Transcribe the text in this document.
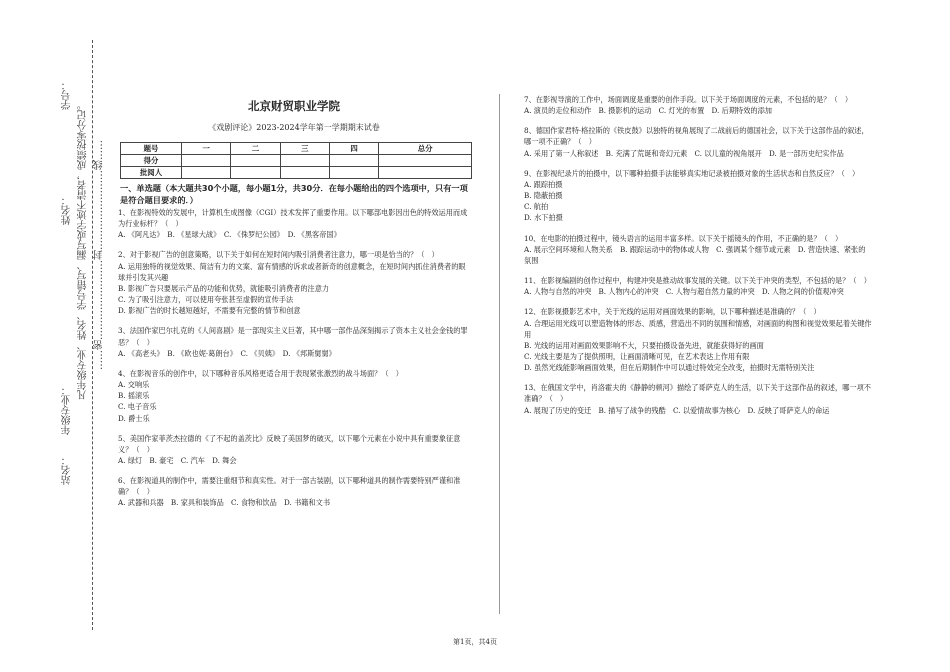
学号：
姓名：
年级专业：
站名：
凡年级专业、姓名、学号错写、漏写或字迹不清者，成绩按零分记。 ……密……………………封……………………线……
北京财贸职业学院
《戏剧评论》2023-2024学年第一学期期末试卷
题号	一	二	三	四	总分
得分					
批阅人					
一、单选题（本大题共30个小题，每小题1分，共30分．在每小题给出的四个选项中，只有一项是符合题目要求的．）

1、在影视特效的发展中，计算机生成图像（CGI）技术发挥了重要作用。以下哪部电影因出色的特效运用而成为行业标杆？（　）

A. 《阿凡达》　B. 《星球大战》　C. 《侏罗纪公园》　D. 《黑客帝国》

2、对于影视广告的创意策略，以下关于如何在短时间内吸引消费者注意力，哪一项是恰当的？（　）

A. 运用独特的视觉效果、简洁有力的文案、富有情感的诉求或者新奇的创意概念，在短时间内抓住消费者的眼球并引发其兴趣

B. 影视广告只要展示产品的功能和优势，就能吸引消费者的注意力

C. 为了吸引注意力，可以使用夸张甚至虚假的宣传手法

D. 影视广告的时长越短越好，不需要有完整的情节和创意

3、法国作家巴尔扎克的《人间喜剧》是一部现实主义巨著，其中哪一部作品深刻揭示了资本主义社会金钱的罪恶？（　）

A. 《高老头》　B. 《欧也妮·葛朗台》　C. 《贝姨》　D. 《邦斯舅舅》

4、在影视音乐的创作中，以下哪种音乐风格更适合用于表现紧张激烈的战斗场面？（　）

A. 交响乐

B. 摇滚乐

C. 电子音乐

D. 爵士乐

5、美国作家菲茨杰拉德的《了不起的盖茨比》反映了美国梦的破灭，以下哪个元素在小说中具有重要象征意义？（　）

A. 绿灯　B. 豪宅　C. 汽车　D. 舞会

6、在影视道具的制作中，需要注重细节和真实性。对于一部古装剧，以下哪种道具的制作需要特别严谨和准确？（　）

A. 武器和兵器　B. 家具和装饰品　C. 食物和饮品　D. 书籍和文书

7、在影视导演的工作中，场面调度是重要的创作手段。以下关于场面调度的元素，不包括的是？（　）

A. 演员的走位和动作　B. 摄影机的运动　C. 灯光的布置　D. 后期特效的添加

8、德国作家君特·格拉斯的《铁皮鼓》以独特的视角展现了二战前后的德国社会，以下关于这部作品的叙述，哪一项不正确？（　）

A. 采用了第一人称叙述　B. 充满了荒诞和奇幻元素　C. 以儿童的视角展开　D. 是一部历史纪实作品

9、在影视纪录片的拍摄中，以下哪种拍摄手法能够真实地记录被拍摄对象的生活状态和自然反应？（　）

A. 跟踪拍摄

B. 隐蔽拍摄

C. 航拍

D. 水下拍摄

10、在电影的拍摄过程中，镜头语言的运用丰富多样。以下关于摇镜头的作用，不正确的是？（　）

A. 展示空间环境和人物关系　B. 跟踪运动中的物体或人物　C. 强调某个细节或元素　D. 营造快速、紧张的氛围

11、在影视编剧的创作过程中，构建冲突是推动故事发展的关键。以下关于冲突的类型，不包括的是？（　）

A. 人物与自然的冲突　B. 人物内心的冲突　C. 人物与超自然力量的冲突　D. 人物之间的价值观冲突

12、在影视摄影艺术中，关于光线的运用对画面效果的影响，以下哪种描述是准确的？（　）

A. 合理运用光线可以塑造物体的形态、质感，营造出不同的氛围和情感，对画面的构图和视觉效果起着关键作用

B. 光线的运用对画面效果影响不大，只要拍摄设备先进，就能获得好的画面

C. 光线主要是为了提供照明，让画面清晰可见，在艺术表达上作用有限

D. 虽然光线能影响画面效果，但在后期制作中可以通过特效完全改变，拍摄时无需特别关注

13、在俄国文学中，肖洛霍夫的《静静的顿河》描绘了哥萨克人的生活，以下关于这部作品的叙述，哪一项不准确？（　）

A. 展现了历史的变迁　B. 描写了战争的残酷　C. 以爱情故事为核心　D. 反映了哥萨克人的命运

第1页，共4页
